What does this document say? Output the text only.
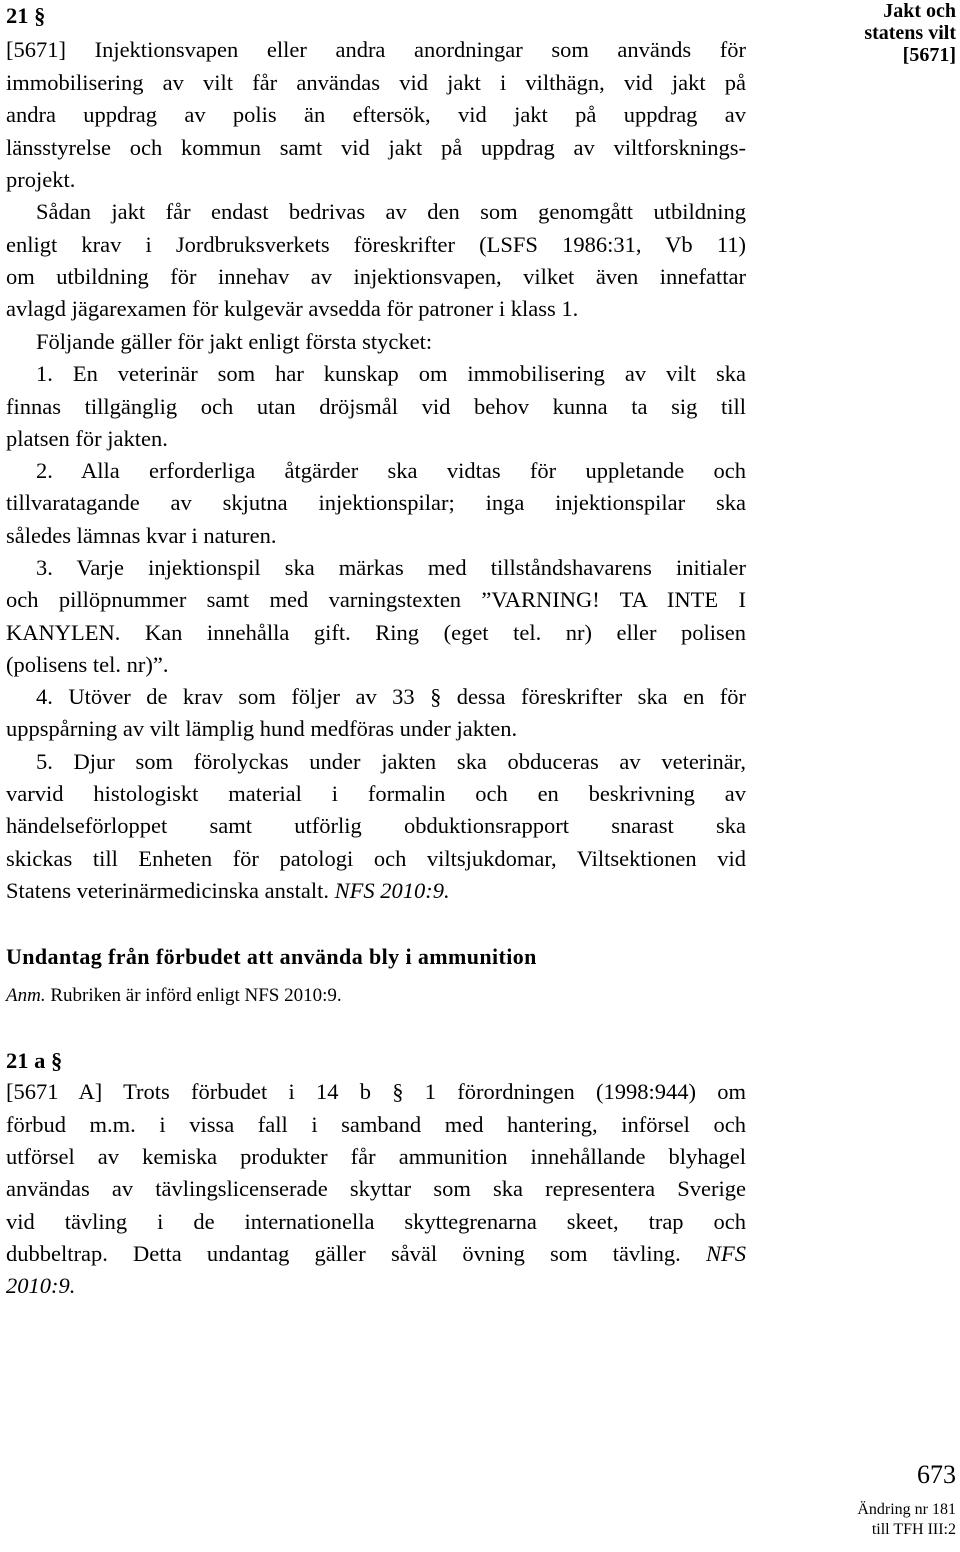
Jakt och
statens vilt
[5671]
21 §
[5671] Injektionsvapen eller andra anordningar som används för
immobilisering av vilt får användas vid jakt i vilthägn, vid jakt på
andra uppdrag av polis än eftersök, vid jakt på uppdrag av
länsstyrelse och kommun samt vid jakt på uppdrag av viltforsknings-
projekt.
Sådan jakt får endast bedrivas av den som genomgått utbildning
enligt krav i Jordbruksverkets föreskrifter (LSFS 1986:31, Vb 11)
om utbildning för innehav av injektionsvapen, vilket även innefattar
avlagd jägarexamen för kulgevär avsedda för patroner i klass 1.
Följande gäller för jakt enligt första stycket:
1. En veterinär som har kunskap om immobilisering av vilt ska
finnas tillgänglig och utan dröjsmål vid behov kunna ta sig till
platsen för jakten.
2. Alla erforderliga åtgärder ska vidtas för uppletande och
tillvaratagande av skjutna injektionspilar; inga injektionspilar ska
således lämnas kvar i naturen.
3. Varje injektionspil ska märkas med tillståndshavarens initialer
och pillöpnummer samt med varningstexten ”VARNING! TA INTE I
KANYLEN. Kan innehålla gift. Ring (eget tel. nr) eller polisen
(polisens tel. nr)”.
4. Utöver de krav som följer av 33 § dessa föreskrifter ska en för
uppspårning av vilt lämplig hund medföras under jakten.
5. Djur som förolyckas under jakten ska obduceras av veterinär,
varvid histologiskt material i formalin och en beskrivning av
händelseförloppet samt utförlig obduktionsrapport snarast ska
skickas till Enheten för patologi och viltsjukdomar, Viltsektionen vid
Statens veterinärmedicinska anstalt. NFS 2010:9.
Undantag från förbudet att använda bly i ammunition
Anm. Rubriken är införd enligt NFS 2010:9.
21 a §
[5671 A] Trots förbudet i 14 b § 1 förordningen (1998:944) om
förbud m.m. i vissa fall i samband med hantering, införsel och
utförsel av kemiska produkter får ammunition innehållande blyhagel
användas av tävlingslicenserade skyttar som ska representera Sverige
vid tävling i de internationella skyttegrenarna skeet, trap och
dubbeltrap. Detta undantag gäller såväl övning som tävling. NFS
2010:9.
673
Ändring nr 181
till TFH III:2
